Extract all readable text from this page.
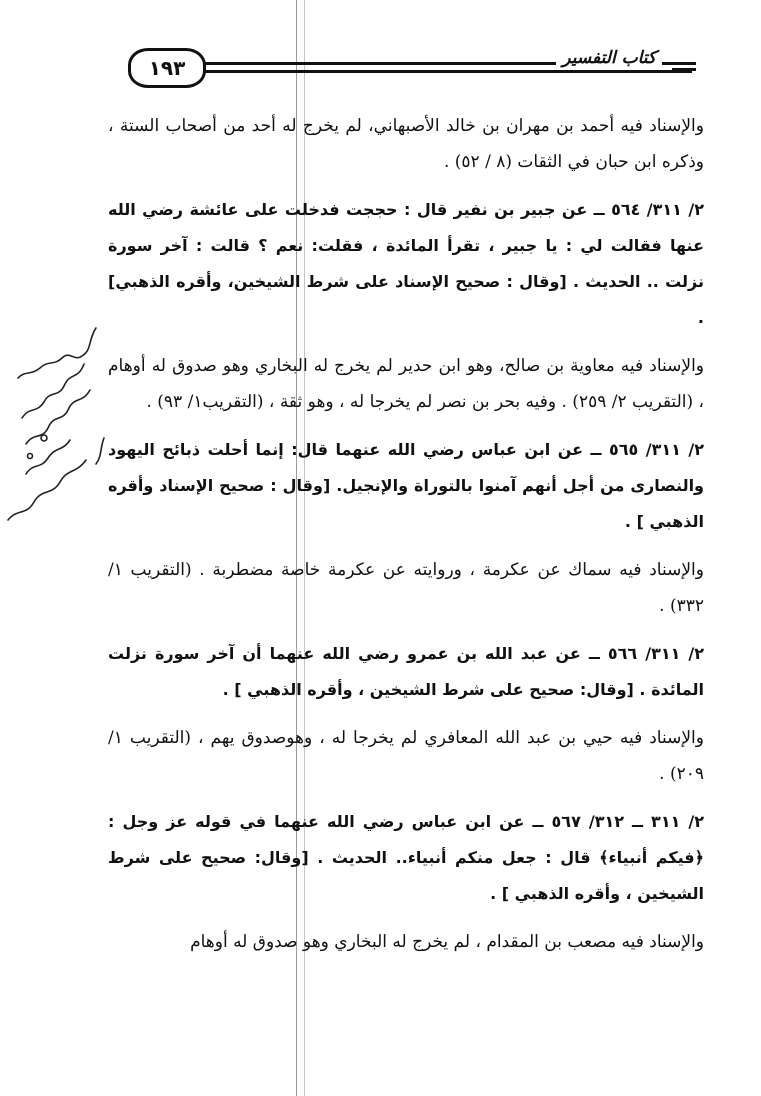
١٩٣	كتاب التفسير

والإسناد فيه أحمد بن مهران بن خالد الأصبهاني، لم يخرج له أحد من أصحاب الستة ، وذكره ابن حبان في الثقات (٨ / ٥٢) .

٢/ ٣١١/ ٥٦٤ ــ عن جبير بن نفير قال : حججت فدخلت على عائشة رضي الله عنها فقالت لي : يا جبير ، تقرأ المائدة ، فقلت: نعم ؟ قالت : آخر سورة نزلت .. الحديث . [وقال : صحيح الإسناد على شرط الشيخين، وأقره الذهبي] .

والإسناد فيه معاوية بن صالح، وهو ابن حدير لم يخرج له البخاري وهو صدوق له أوهام ، (التقريب ٢/ ٢٥٩) . وفيه بحر بن نصر لم يخرجا له ، وهو ثقة ، (التقريب١/ ٩٣) .

٢/ ٣١١/ ٥٦٥ ــ عن ابن عباس رضي الله عنهما قال: إنما أحلت ذبائح اليهود والنصارى من أجل أنهم آمنوا بالتوراة والإنجيل. [وقال : صحيح الإسناد وأقره الذهبي ] .

والإسناد فيه سماك عن عكرمة ، وروايته عن عكرمة خاصة مضطربة . (التقريب ١/ ٣٣٢) .

٢/ ٣١١/ ٥٦٦ ــ عن عبد الله بن عمرو رضي الله عنهما أن آخر سورة نزلت المائدة . [وقال: صحيح على شرط الشيخين ، وأقره الذهبي ] .

والإسناد فيه حيي بن عبد الله المعافري لم يخرجا له ، وهوصدوق يهم ، (التقريب ١/ ٢٠٩) .

٢/ ٣١١ ــ ٣١٢/ ٥٦٧ ــ عن ابن عباس رضي الله عنهما في قوله عز وجل : ﴿فيكم أنبياء﴾ قال : جعل منكم أنبياء.. الحديث . [وقال: صحيح على شرط الشيخين ، وأقره الذهبي ] .

والإسناد فيه مصعب بن المقدام ، لم يخرج له البخاري وهو صدوق له أوهام
